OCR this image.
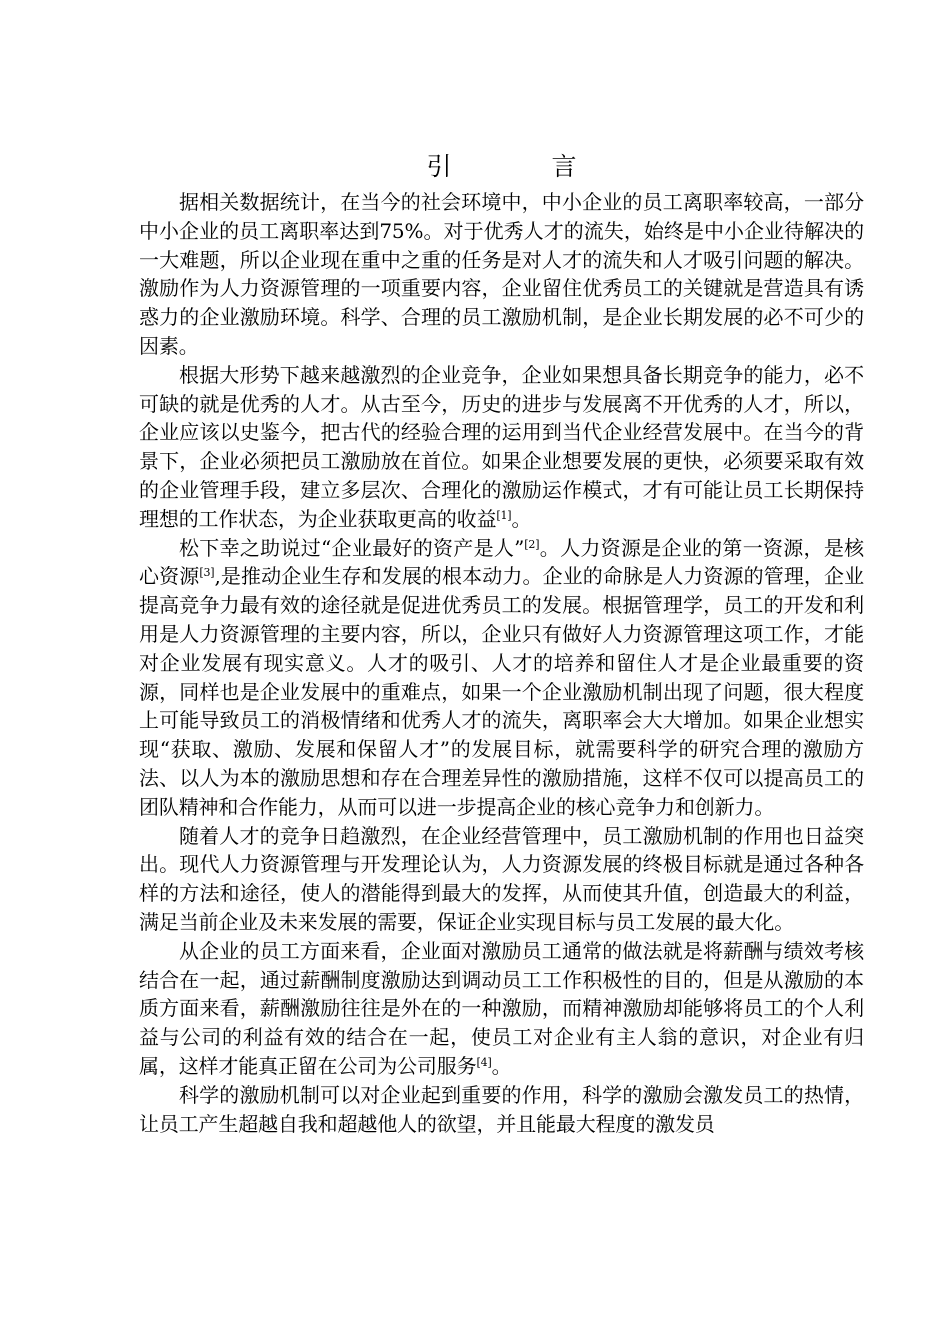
引 言

据相关数据统计，在当今的社会环境中，中小企业的员工离职率较高，一部分中小企业的员工离职率达到75%。对于优秀人才的流失，始终是中小企业待解决的一大难题，所以企业现在重中之重的任务是对人才的流失和人才吸引问题的解决。激励作为人力资源管理的一项重要内容，企业留住优秀员工的关键就是营造具有诱惑力的企业激励环境。科学、合理的员工激励机制，是企业长期发展的必不可少的因素。

根据大形势下越来越激烈的企业竞争，企业如果想具备长期竞争的能力，必不可缺的就是优秀的人才。从古至今，历史的进步与发展离不开优秀的人才，所以，企业应该以史鉴今，把古代的经验合理的运用到当代企业经营发展中。在当今的背景下，企业必须把员工激励放在首位。如果企业想要发展的更快，必须要采取有效的企业管理手段，建立多层次、合理化的激励运作模式，才有可能让员工长期保持理想的工作状态，为企业获取更高的收益[1]。

松下幸之助说过“企业最好的资产是人”[2]。人力资源是企业的第一资源，是核心资源[3],是推动企业生存和发展的根本动力。企业的命脉是人力资源的管理，企业提高竞争力最有效的途径就是促进优秀员工的发展。根据管理学，员工的开发和利用是人力资源管理的主要内容，所以，企业只有做好人力资源管理这项工作，才能对企业发展有现实意义。人才的吸引、人才的培养和留住人才是企业最重要的资源，同样也是企业发展中的重难点，如果一个企业激励机制出现了问题，很大程度上可能导致员工的消极情绪和优秀人才的流失，离职率会大大增加。如果企业想实现“获取、激励、发展和保留人才”的发展目标，就需要科学的研究合理的激励方法、以人为本的激励思想和存在合理差异性的激励措施，这样不仅可以提高员工的团队精神和合作能力，从而可以进一步提高企业的核心竞争力和创新力。

随着人才的竞争日趋激烈，在企业经营管理中，员工激励机制的作用也日益突出。现代人力资源管理与开发理论认为，人力资源发展的终极目标就是通过各种各样的方法和途径，使人的潜能得到最大的发挥，从而使其升值，创造最大的利益，满足当前企业及未来发展的需要，保证企业实现目标与员工发展的最大化。

从企业的员工方面来看，企业面对激励员工通常的做法就是将薪酬与绩效考核结合在一起，通过薪酬制度激励达到调动员工工作积极性的目的，但是从激励的本质方面来看，薪酬激励往往是外在的一种激励，而精神激励却能够将员工的个人利益与公司的利益有效的结合在一起，使员工对企业有主人翁的意识，对企业有归属，这样才能真正留在公司为公司服务[4]。

科学的激励机制可以对企业起到重要的作用，科学的激励会激发员工的热情，让员工产生超越自我和超越他人的欲望，并且能最大程度的激发员
